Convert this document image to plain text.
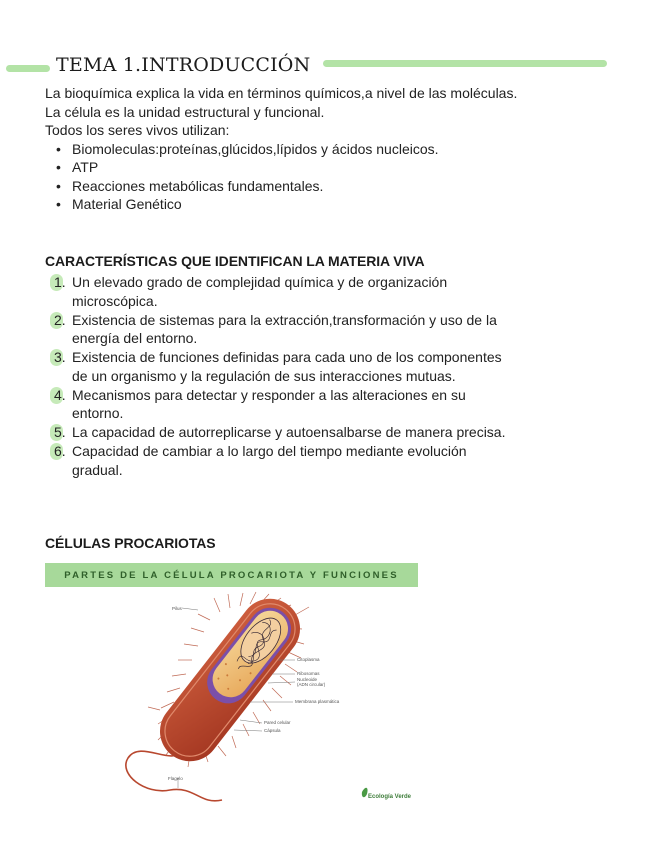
TEMA 1.INTRODUCCIÓN

La bioquímica explica la vida en términos químicos,a nivel de las moléculas.

La célula es la unidad estructural y funcional.

Todos los seres vivos utilizan:

• Biomoleculas:proteínas,glúcidos,lípidos y ácidos nucleicos.
• ATP
• Reacciones metabólicas fundamentales.
• Material Genético
CARACTERÍSTICAS QUE IDENTIFICAN LA MATERIA VIVA
1. Un elevado grado de complejidad química y de organización microscópica.
2. Existencia de sistemas para la extracción,transformación y uso de la energía del entorno.
3. Existencia de funciones definidas para cada uno de los componentes de un organismo y la regulación de sus interacciones mutuas.
4. Mecanismos para detectar y responder a las alteraciones en su entorno.
5. La capacidad de autorreplicarse y autoensalbarse de manera precisa.
6. Capacidad de cambiar a lo largo del tiempo mediante evolución gradual.
CÉLULAS PROCARIOTAS
PARTES DE LA CÉLULA PROCARIOTA Y FUNCIONES
Pilus
Citoplasma
Ribosomas
Nucleoide
(ADN circular)
Membrana plasmática
Pared celular
Cápsula
Flagelo
Ecología Verde
